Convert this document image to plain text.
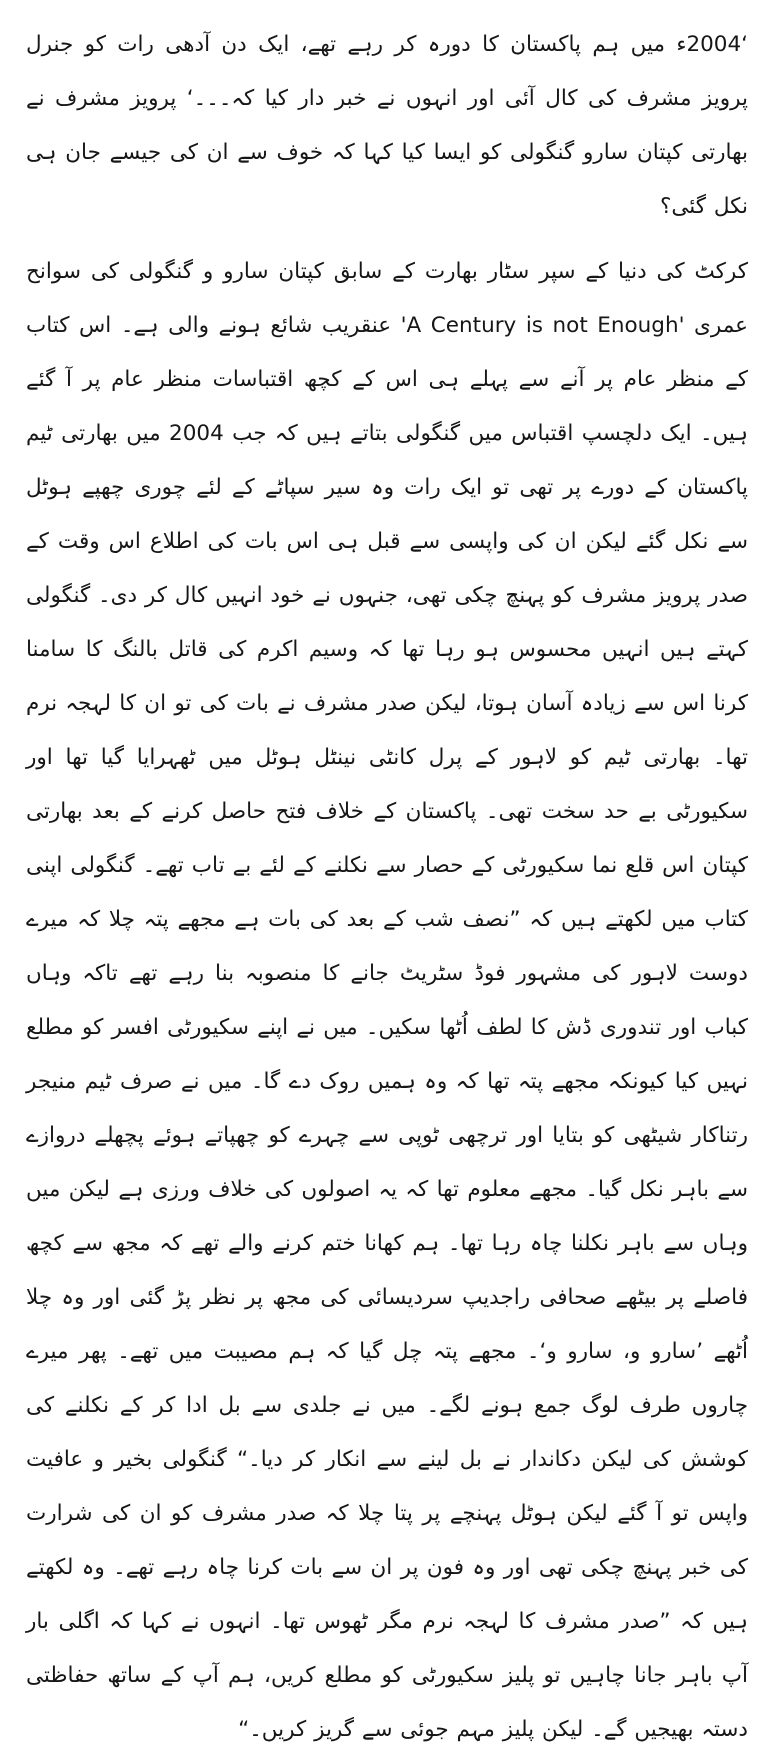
‘2004ء میں ہم پاکستان کا دورہ کر رہے تھے، ایک دن آدھی رات کو جنرل پرویز مشرف کی کال آئی اور انہوں نے خبر دار کیا کہ۔۔۔‘ پرویز مشرف نے بھارتی کپتان سارو گنگولی کو ایسا کیا کہا کہ خوف سے ان کی جیسے جان ہی نکل گئی؟

کرکٹ کی دنیا کے سپر سٹار بھارت کے سابق کپتان سارو و گنگولی کی سوانح عمری 'A Century is not Enough' عنقریب شائع ہونے والی ہے۔ اس کتاب کے منظر عام پر آنے سے پہلے ہی اس کے کچھ اقتباسات منظر عام پر آ گئے ہیں۔ ایک دلچسپ اقتباس میں گنگولی بتاتے ہیں کہ جب 2004 میں بھارتی ٹیم پاکستان کے دورے پر تھی تو ایک رات وہ سیر سپاٹے کے لئے چوری چھپے ہوٹل سے نکل گئے لیکن ان کی واپسی سے قبل ہی اس بات کی اطلاع اس وقت کے صدر پرویز مشرف کو پہنچ چکی تھی، جنہوں نے خود انہیں کال کر دی۔ گنگولی کہتے ہیں انہیں محسوس ہو رہا تھا کہ وسیم اکرم کی قاتل بالنگ کا سامنا کرنا اس سے زیادہ آسان ہوتا، لیکن صدر مشرف نے بات کی تو ان کا لہجہ نرم تھا۔ بھارتی ٹیم کو لاہور کے پرل کانٹی نینٹل ہوٹل میں ٹھہرایا گیا تھا اور سکیورٹی بے حد سخت تھی۔ پاکستان کے خلاف فتح حاصل کرنے کے بعد بھارتی کپتان اس قلع نما سکیورٹی کے حصار سے نکلنے کے لئے بے تاب تھے۔ گنگولی اپنی کتاب میں لکھتے ہیں کہ ”نصف شب کے بعد کی بات ہے مجھے پتہ چلا کہ میرے دوست لاہور کی مشہور فوڈ سٹریٹ جانے کا منصوبہ بنا رہے تھے تاکہ وہاں کباب اور تندوری ڈش کا لطف اُٹھا سکیں۔ میں نے اپنے سکیورٹی افسر کو مطلع نہیں کیا کیونکہ مجھے پتہ تھا کہ وہ ہمیں روک دے گا۔ میں نے صرف ٹیم منیجر رتناکار شیٹھی کو بتایا اور ترچھی ٹوپی سے چہرے کو چھپاتے ہوئے پچھلے دروازے سے باہر نکل گیا۔ مجھے معلوم تھا کہ یہ اصولوں کی خلاف ورزی ہے لیکن میں وہاں سے باہر نکلنا چاہ رہا تھا۔ ہم کھانا ختم کرنے والے تھے کہ مجھ سے کچھ فاصلے پر بیٹھے صحافی راجدیپ سردیسائی کی مجھ پر نظر پڑ گئی اور وہ چلا اُٹھے ’سارو و، سارو و‘۔ مجھے پتہ چل گیا کہ ہم مصیبت میں تھے۔ پھر میرے چاروں طرف لوگ جمع ہونے لگے۔ میں نے جلدی سے بل ادا کر کے نکلنے کی کوشش کی لیکن دکاندار نے بل لینے سے انکار کر دیا۔“ گنگولی بخیر و عافیت واپس تو آ گئے لیکن ہوٹل پہنچے پر پتا چلا کہ صدر مشرف کو ان کی شرارت کی خبر پہنچ چکی تھی اور وہ فون پر ان سے بات کرنا چاہ رہے تھے۔ وہ لکھتے ہیں کہ ”صدر مشرف کا لہجہ نرم مگر ٹھوس تھا۔ انہوں نے کہا کہ اگلی بار آپ باہر جانا چاہیں تو پلیز سکیورٹی کو مطلع کریں، ہم آپ کے ساتھ حفاظتی دستہ بھیجیں گے۔ لیکن پلیز مہم جوئی سے گریز کریں۔“
